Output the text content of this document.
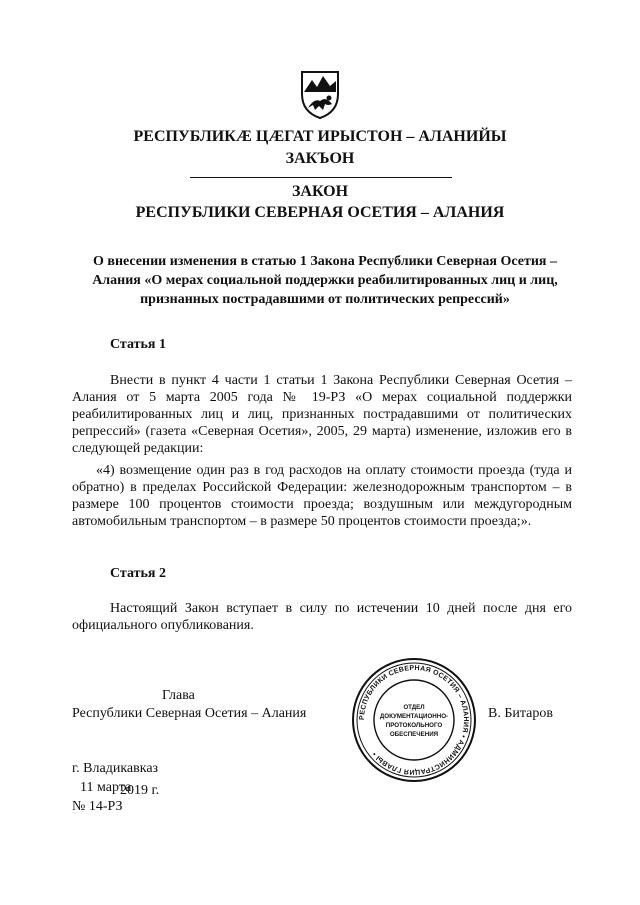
РЕСПУБЛИКÆ ЦÆГАТ ИРЫСТОН – АЛАНИЙЫ
ЗАКЪОН
ЗАКОН
РЕСПУБЛИКИ СЕВЕРНАЯ ОСЕТИЯ – АЛАНИЯ
О внесении изменения в статью 1 Закона Республики Северная Осетия – Алания «О мерах социальной поддержки реабилитированных лиц и лиц, признанных пострадавшими от политических репрессий»
Статья 1
Внести в пункт 4 части 1 статьи 1 Закона Республики Северная Осетия – Алания от 5 марта 2005 года № 19-РЗ «О мерах социальной поддержки реабилитированных лиц и лиц, признанных пострадавшими от политических репрессий» (газета «Северная Осетия», 2005, 29 марта) изменение, изложив его в следующей редакции:
«4) возмещение один раз в год расходов на оплату стоимости проезда (туда и обратно) в пределах Российской Федерации: железнодорожным транспортом – в размере 100 процентов стоимости проезда; воздушным или междугородным автомобильным транспортом – в размере 50 процентов стоимости проезда;».
Статья 2
Настоящий Закон вступает в силу по истечении 10 дней после дня его официального опубликования.
Глава
Республики Северная Осетия – Алания	В. Битаров
РЕСПУБЛИКИ СЕВЕРНАЯ ОСЕТИЯ – АЛАНИЯ • АДМИНИСТРАЦИЯ ГЛАВЫ •
ОТДЕЛ
ДОКУМЕНТАЦИОННО-
ПРОТОКОЛЬНОГО
ОБЕСПЕЧЕНИЯ
г. Владикавказ
11 марта
2019 г.
№ 14-РЗ
